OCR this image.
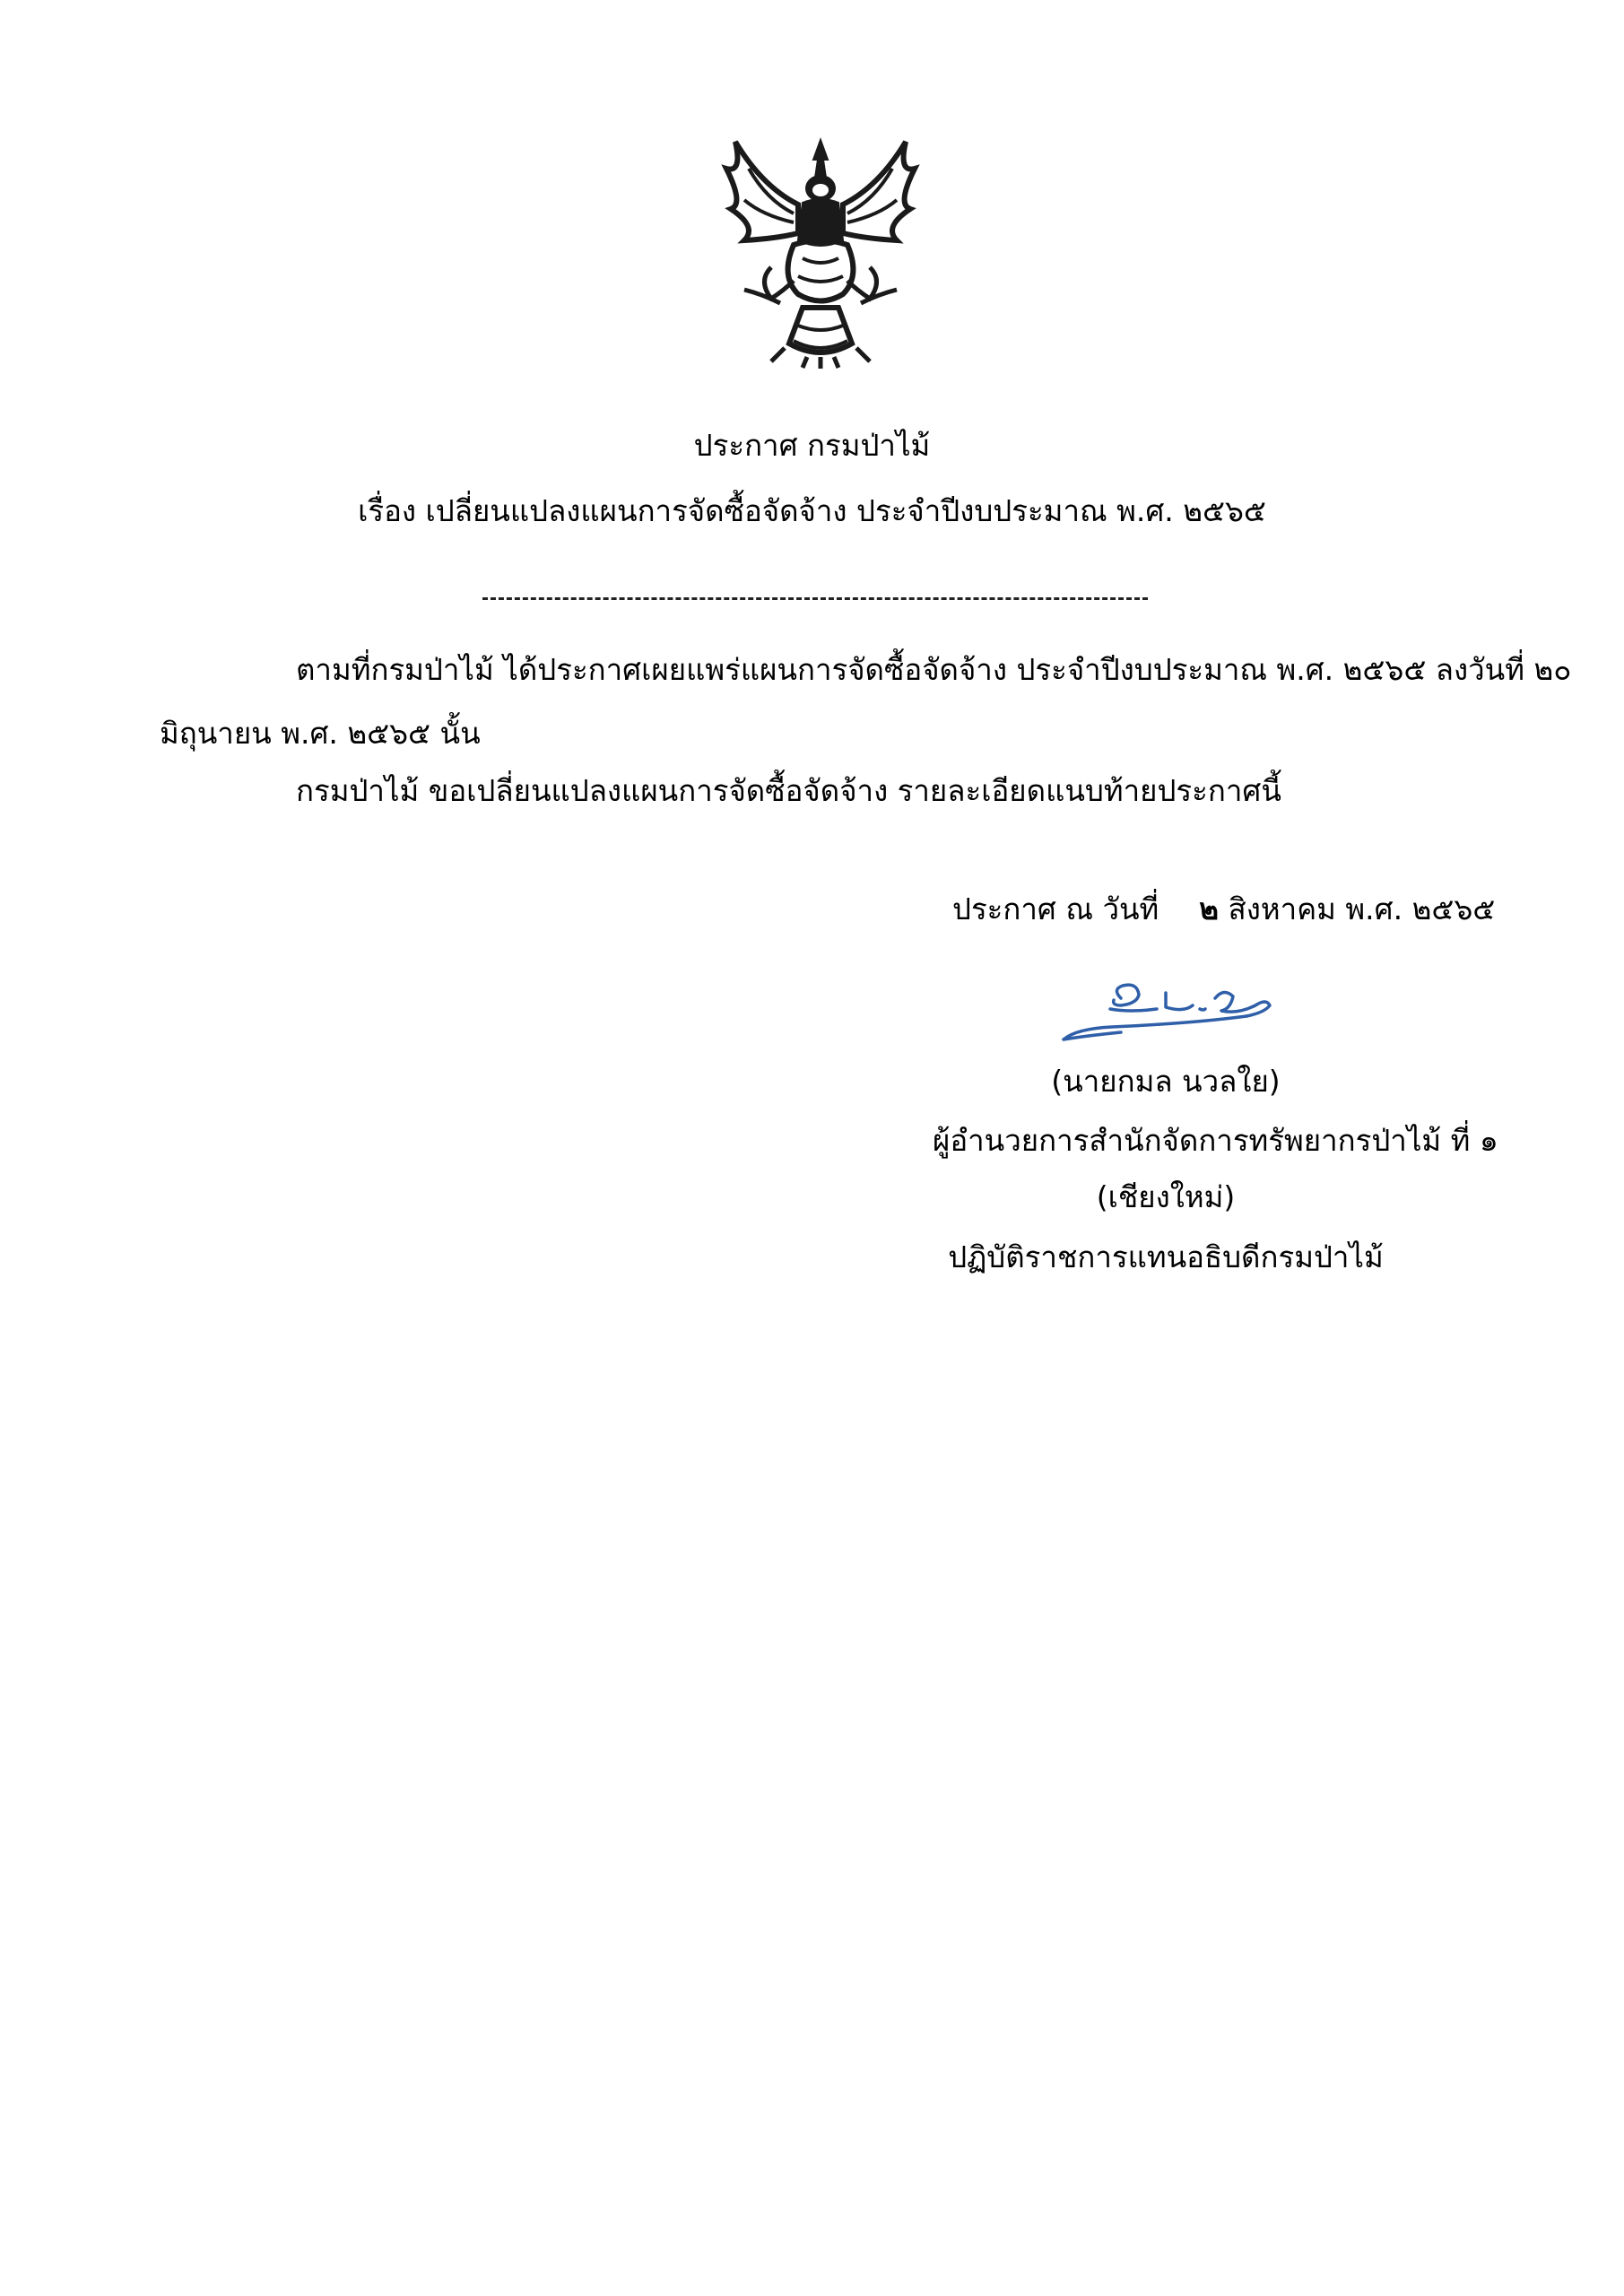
ประกาศ กรมป่าไม้
เรื่อง เปลี่ยนแปลงแผนการจัดซื้อจัดจ้าง ประจำปีงบประมาณ พ.ศ. ๒๕๖๕
ตามที่กรมป่าไม้ ได้ประกาศเผยแพร่แผนการจัดซื้อจัดจ้าง ประจำปีงบประมาณ พ.ศ. ๒๕๖๕ ลงวันที่ ๒๐
มิถุนายน พ.ศ. ๒๕๖๕ นั้น
กรมป่าไม้ ขอเปลี่ยนแปลงแผนการจัดซื้อจัดจ้าง รายละเอียดแนบท้ายประกาศนี้
ประกาศ ณ วันที่ ๒ สิงหาคม พ.ศ. ๒๕๖๕
(นายกมล นวลใย)
ผู้อำนวยการสำนักจัดการทรัพยากรป่าไม้ ที่ ๑
(เชียงใหม่)
ปฏิบัติราชการแทนอธิบดีกรมป่าไม้
